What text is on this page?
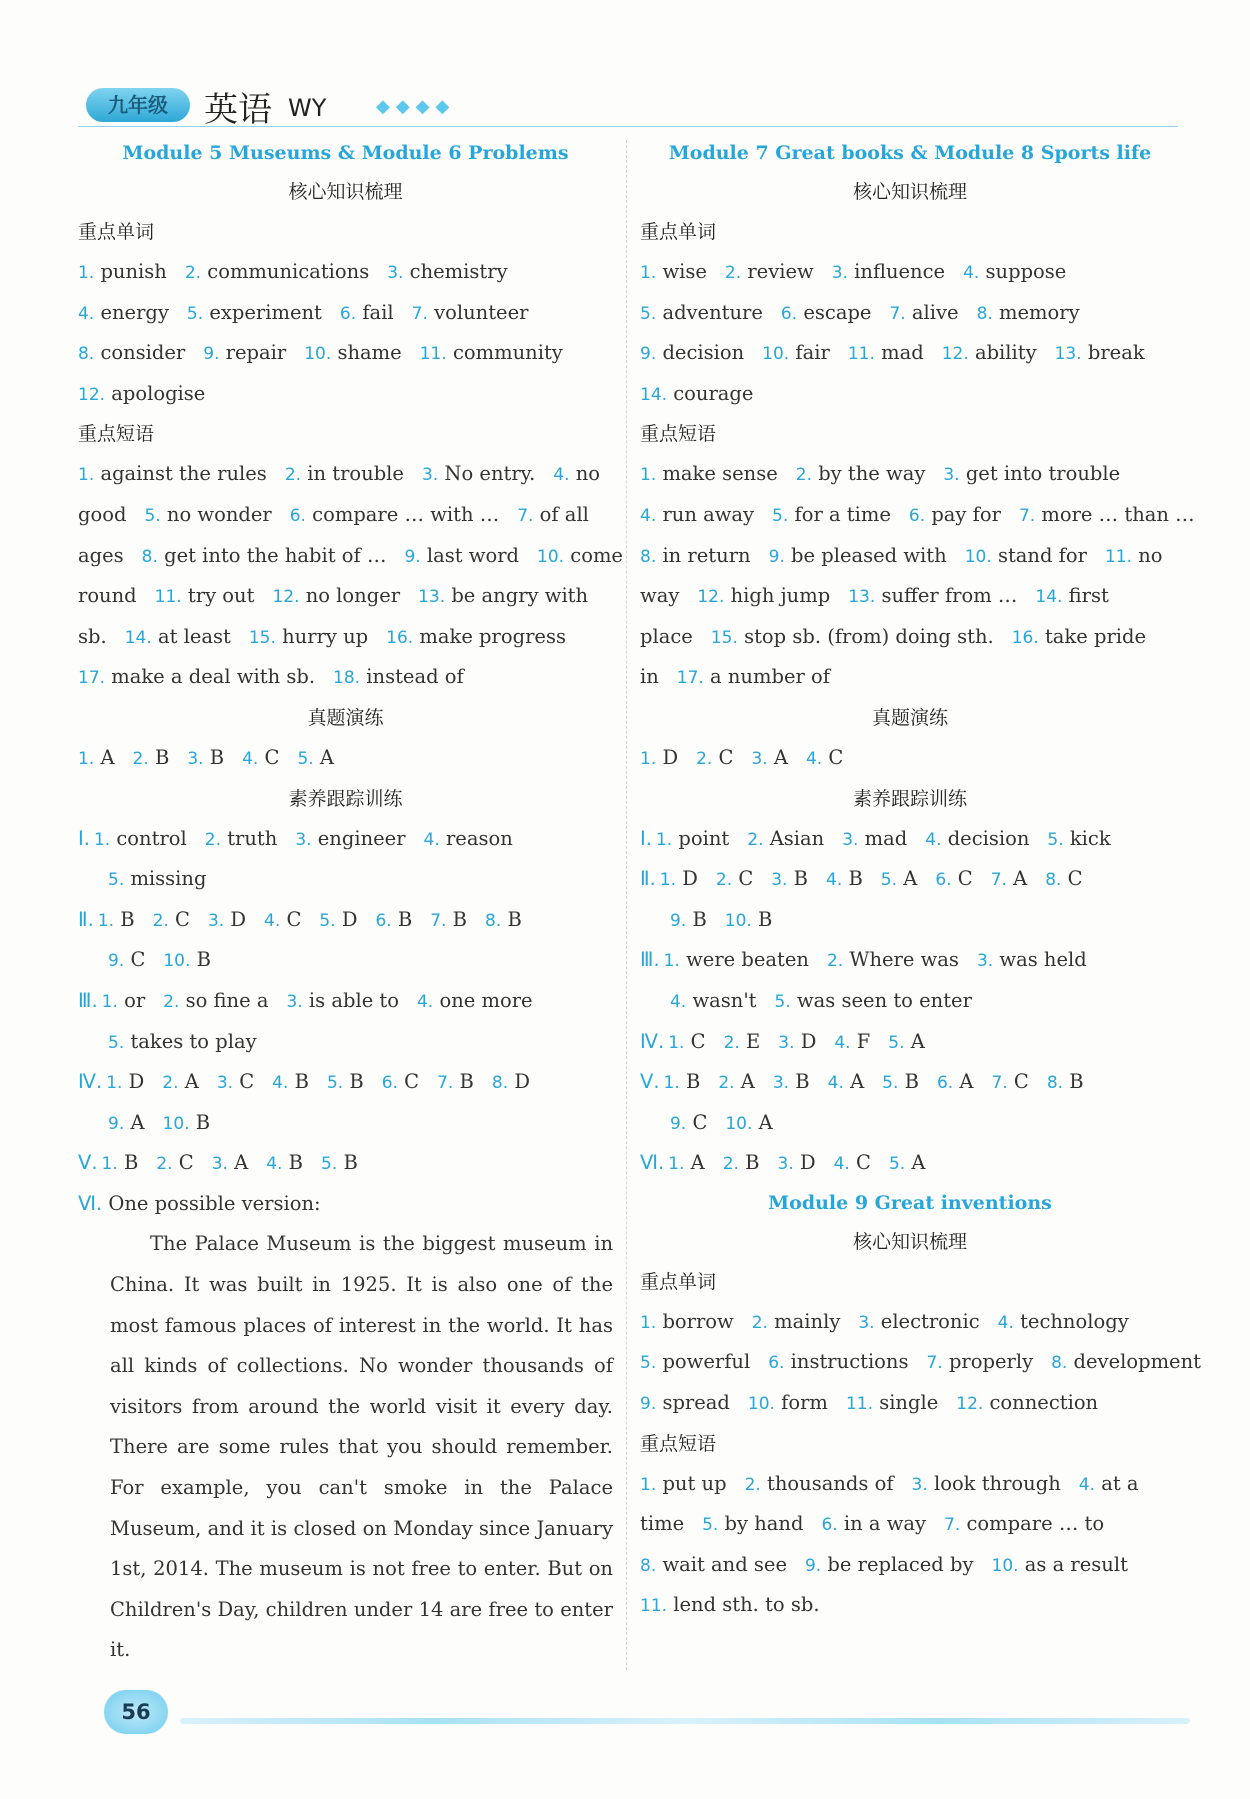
九年级	英语 WY	◆◆◆◆
Module 5 Museums & Module 6 Problems
核心知识梳理
重点单词
1. punish 2. communications 3. chemistry
4. energy 5. experiment 6. fail 7. volunteer
8. consider 9. repair 10. shame 11. community
12. apologise
重点短语
1. against the rules 2. in trouble 3. No entry. 4. no
good 5. no wonder 6. compare … with … 7. of all
ages 8. get into the habit of … 9. last word 10. come
round 11. try out 12. no longer 13. be angry with
sb. 14. at least 15. hurry up 16. make progress
17. make a deal with sb. 18. instead of
真题演练
1. A 2. B 3. B 4. C 5. A
素养跟踪训练
Ⅰ. 1. control 2. truth 3. engineer 4. reason
5. missing
Ⅱ. 1. B 2. C 3. D 4. C 5. D 6. B 7. B 8. B
9. C 10. B
Ⅲ. 1. or 2. so fine a 3. is able to 4. one more
5. takes to play
Ⅳ. 1. D 2. A 3. C 4. B 5. B 6. C 7. B 8. D
9. A 10. B
Ⅴ. 1. B 2. C 3. A 4. B 5. B
Ⅵ. One possible version:
The Palace Museum is the biggest museum in China. It was built in 1925. It is also one of the most famous places of interest in the world. It has all kinds of collections. No wonder thousands of visitors from around the world visit it every day. There are some rules that you should remember. For example, you can't smoke in the Palace Museum, and it is closed on Monday since January 1st, 2014. The museum is not free to enter. But on Children's Day, children under 14 are free to enter it.
Module 7 Great books & Module 8 Sports life
核心知识梳理
重点单词
1. wise 2. review 3. influence 4. suppose
5. adventure 6. escape 7. alive 8. memory
9. decision 10. fair 11. mad 12. ability 13. break
14. courage
重点短语
1. make sense 2. by the way 3. get into trouble
4. run away 5. for a time 6. pay for 7. more … than …
8. in return 9. be pleased with 10. stand for 11. no
way 12. high jump 13. suffer from … 14. first
place 15. stop sb. (from) doing sth. 16. take pride
in 17. a number of
真题演练
1. D 2. C 3. A 4. C
素养跟踪训练
Ⅰ. 1. point 2. Asian 3. mad 4. decision 5. kick
Ⅱ. 1. D 2. C 3. B 4. B 5. A 6. C 7. A 8. C
9. B 10. B
Ⅲ. 1. were beaten 2. Where was 3. was held
4. wasn't 5. was seen to enter
Ⅳ. 1. C 2. E 3. D 4. F 5. A
Ⅴ. 1. B 2. A 3. B 4. A 5. B 6. A 7. C 8. B
9. C 10. A
Ⅵ. 1. A 2. B 3. D 4. C 5. A
Module 9 Great inventions
核心知识梳理
重点单词
1. borrow 2. mainly 3. electronic 4. technology
5. powerful 6. instructions 7. properly 8. development
9. spread 10. form 11. single 12. connection
重点短语
1. put up 2. thousands of 3. look through 4. at a
time 5. by hand 6. in a way 7. compare … to
8. wait and see 9. be replaced by 10. as a result
11. lend sth. to sb.
56
